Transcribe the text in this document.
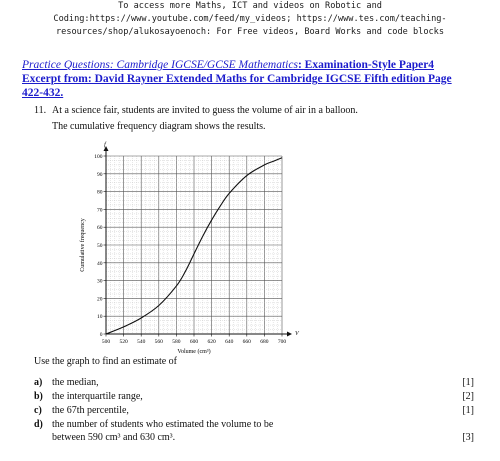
To access more Maths, ICT and videos on Robotic and
Coding:https://www.youtube.com/feed/my_videos; https://www.tes.com/teaching-
resources/shop/alukosayoenoch: For Free videos, Board Works and code blocks
Practice Questions: Cambridge IGCSE/GCSE Mathematics: Examination-Style Paper4
Excerpt from: David Rayner Extended Maths for Cambridge IGCSE Fifth edition Page
422-432.
11. At a science fair, students are invited to guess the volume of air in a balloon.
The cumulative frequency diagram shows the results.
f
V
500 520 540 560 580 600 620 640 660 680 700
0
10
20
30
40
50
60
70
80
90
100
Volume (cm³)
Cumulative frequency
Use the graph to find an estimate of
a) the median,	[1]
b) the interquartile range,	[2]
c) the 67th percentile,	[1]
d) the number of students who estimated the volume to be
between 590 cm³ and 630 cm³.	[3]
